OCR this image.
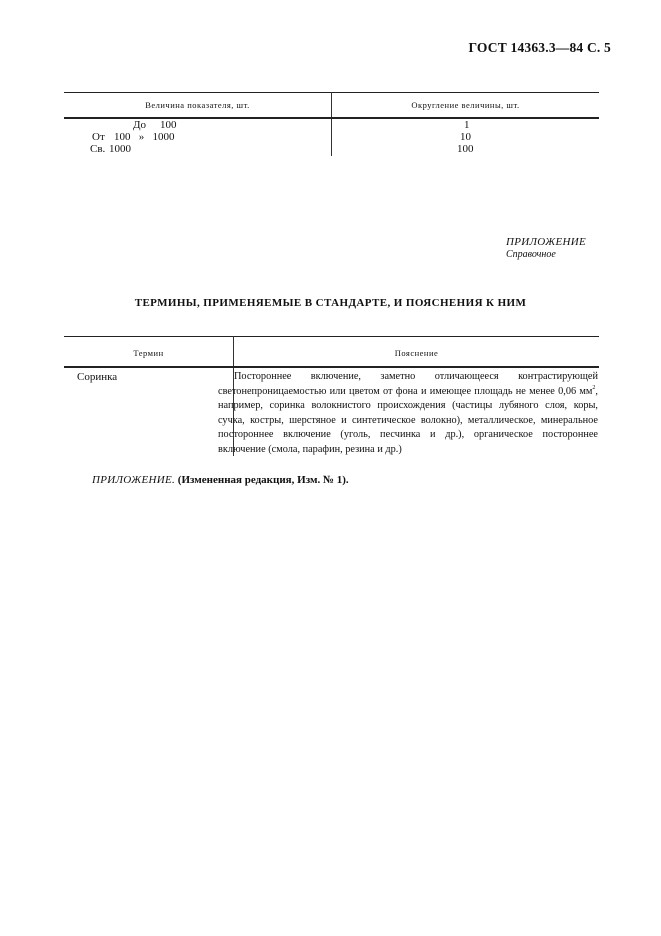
ГОСТ 14363.3—84 С. 5
Величина показателя, шт.	Округление величины, шт.
До 100	1
От 100   »   1000	10
Св. 1000	100
ПРИЛОЖЕНИЕ
Справочное
ТЕРМИНЫ, ПРИМЕНЯЕМЫЕ В СТАНДАРТЕ, И ПОЯСНЕНИЯ К НИМ
Термин	Пояснение
Соринка	Постороннее включение, заметно отличающееся контрастирующей светонепроницаемостью или цветом от фона и имеющее площадь не менее 0,06 $мм^2$, например, соринка волокнистого происхождения (частицы лубяного слоя, коры, сучка, костры, шерстяное и синтетическое волокно), металлическое, минеральное постороннее включение (уголь, песчинка и др.), органическое постороннее включение (смола, парафин, резина и др.)
ПРИЛОЖЕНИЕ. (Измененная редакция, Изм. № 1).
